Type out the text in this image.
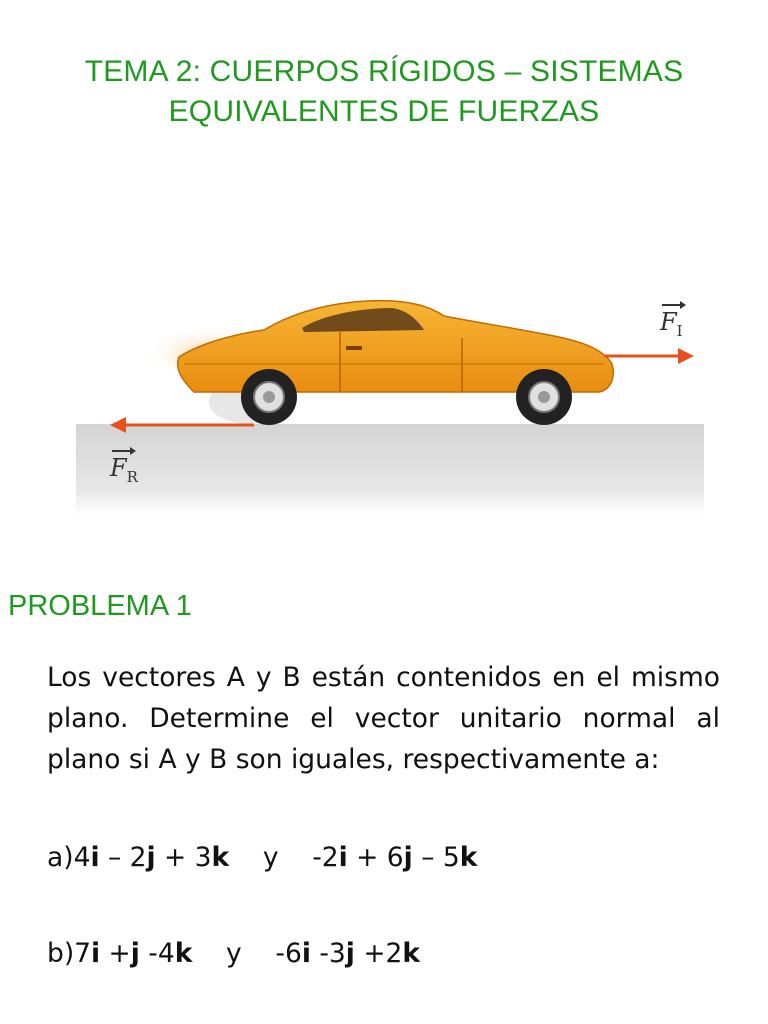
TEMA 2: CUERPOS RÍGIDOS – SISTEMAS
EQUIVALENTES DE FUERZAS
$F_I$
$F_R$
PROBLEMA 1
Los vectores A y B están contenidos en el mismo plano. Determine el vector unitario normal al plano si A y B son iguales, respectivamente a:
a)4i – 2j + 3k    y    -2i + 6j – 5k
b)7i +j -4k    y    -6i -3j +2k
